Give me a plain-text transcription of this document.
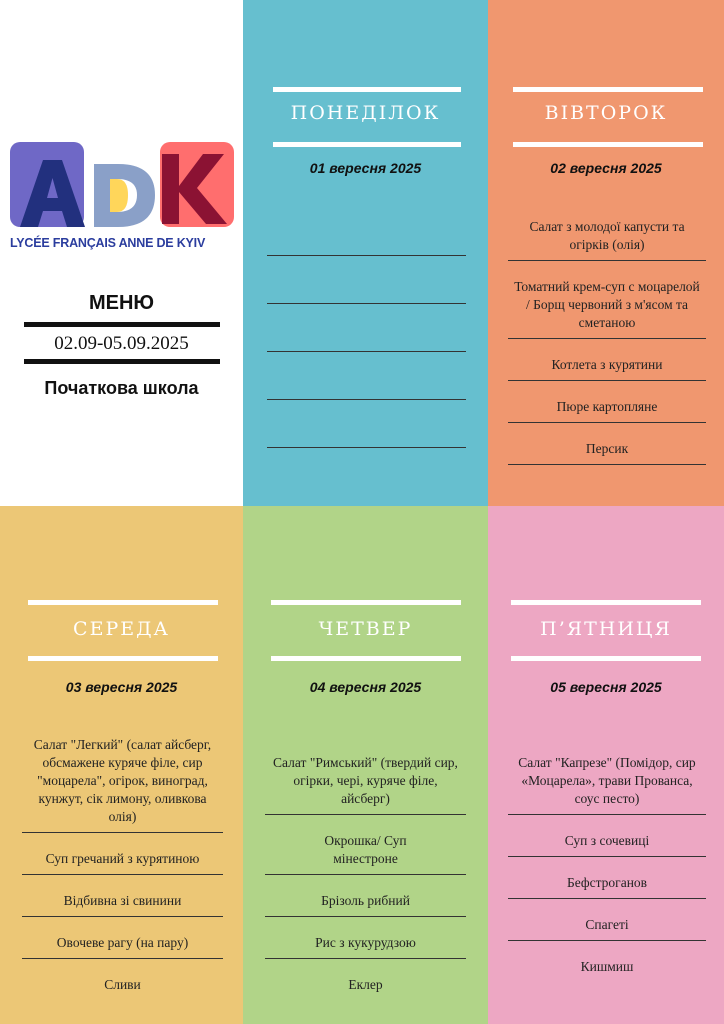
LYCÉE FRANÇAIS ANNE DE KYIV
МЕНЮ
02.09-05.09.2025
Початкова школа
ПОНЕДІЛОК
01 вересня 2025
ВІВТОРОК
02 вересня 2025
Салат з молодої капусти та огірків (олія)
Томатний крем-суп с моцарелой / Борщ червоний з м'ясом та сметаною
Котлета з курятини
Пюре картопляне
Персик
СЕРЕДА
03 вересня 2025
Салат "Легкий" (салат айсберг, обсмажене куряче філе, сир "моцарела", огірок, виноград, кунжут, сік лимону, оливкова олія)
Суп гречаний з курятиною
Відбивна зі свинини
Овочеве рагу (на пару)
Сливи
ЧЕТВЕР
04 вересня 2025
Салат "Римський" (твердий сир, огірки, черi, куряче філе, айсберг)
Окрошка/ Суп мінестроне
Брізоль рибний
Рис з кукурудзою
Еклер
П’ЯТНИЦЯ
05 вересня 2025
Салат "Капрезе" (Помідор, сир «Моцарела», трави Прованса, соус песто)
Суп з сочевиці
Бефстроганов
Спагеті
Кишмиш
